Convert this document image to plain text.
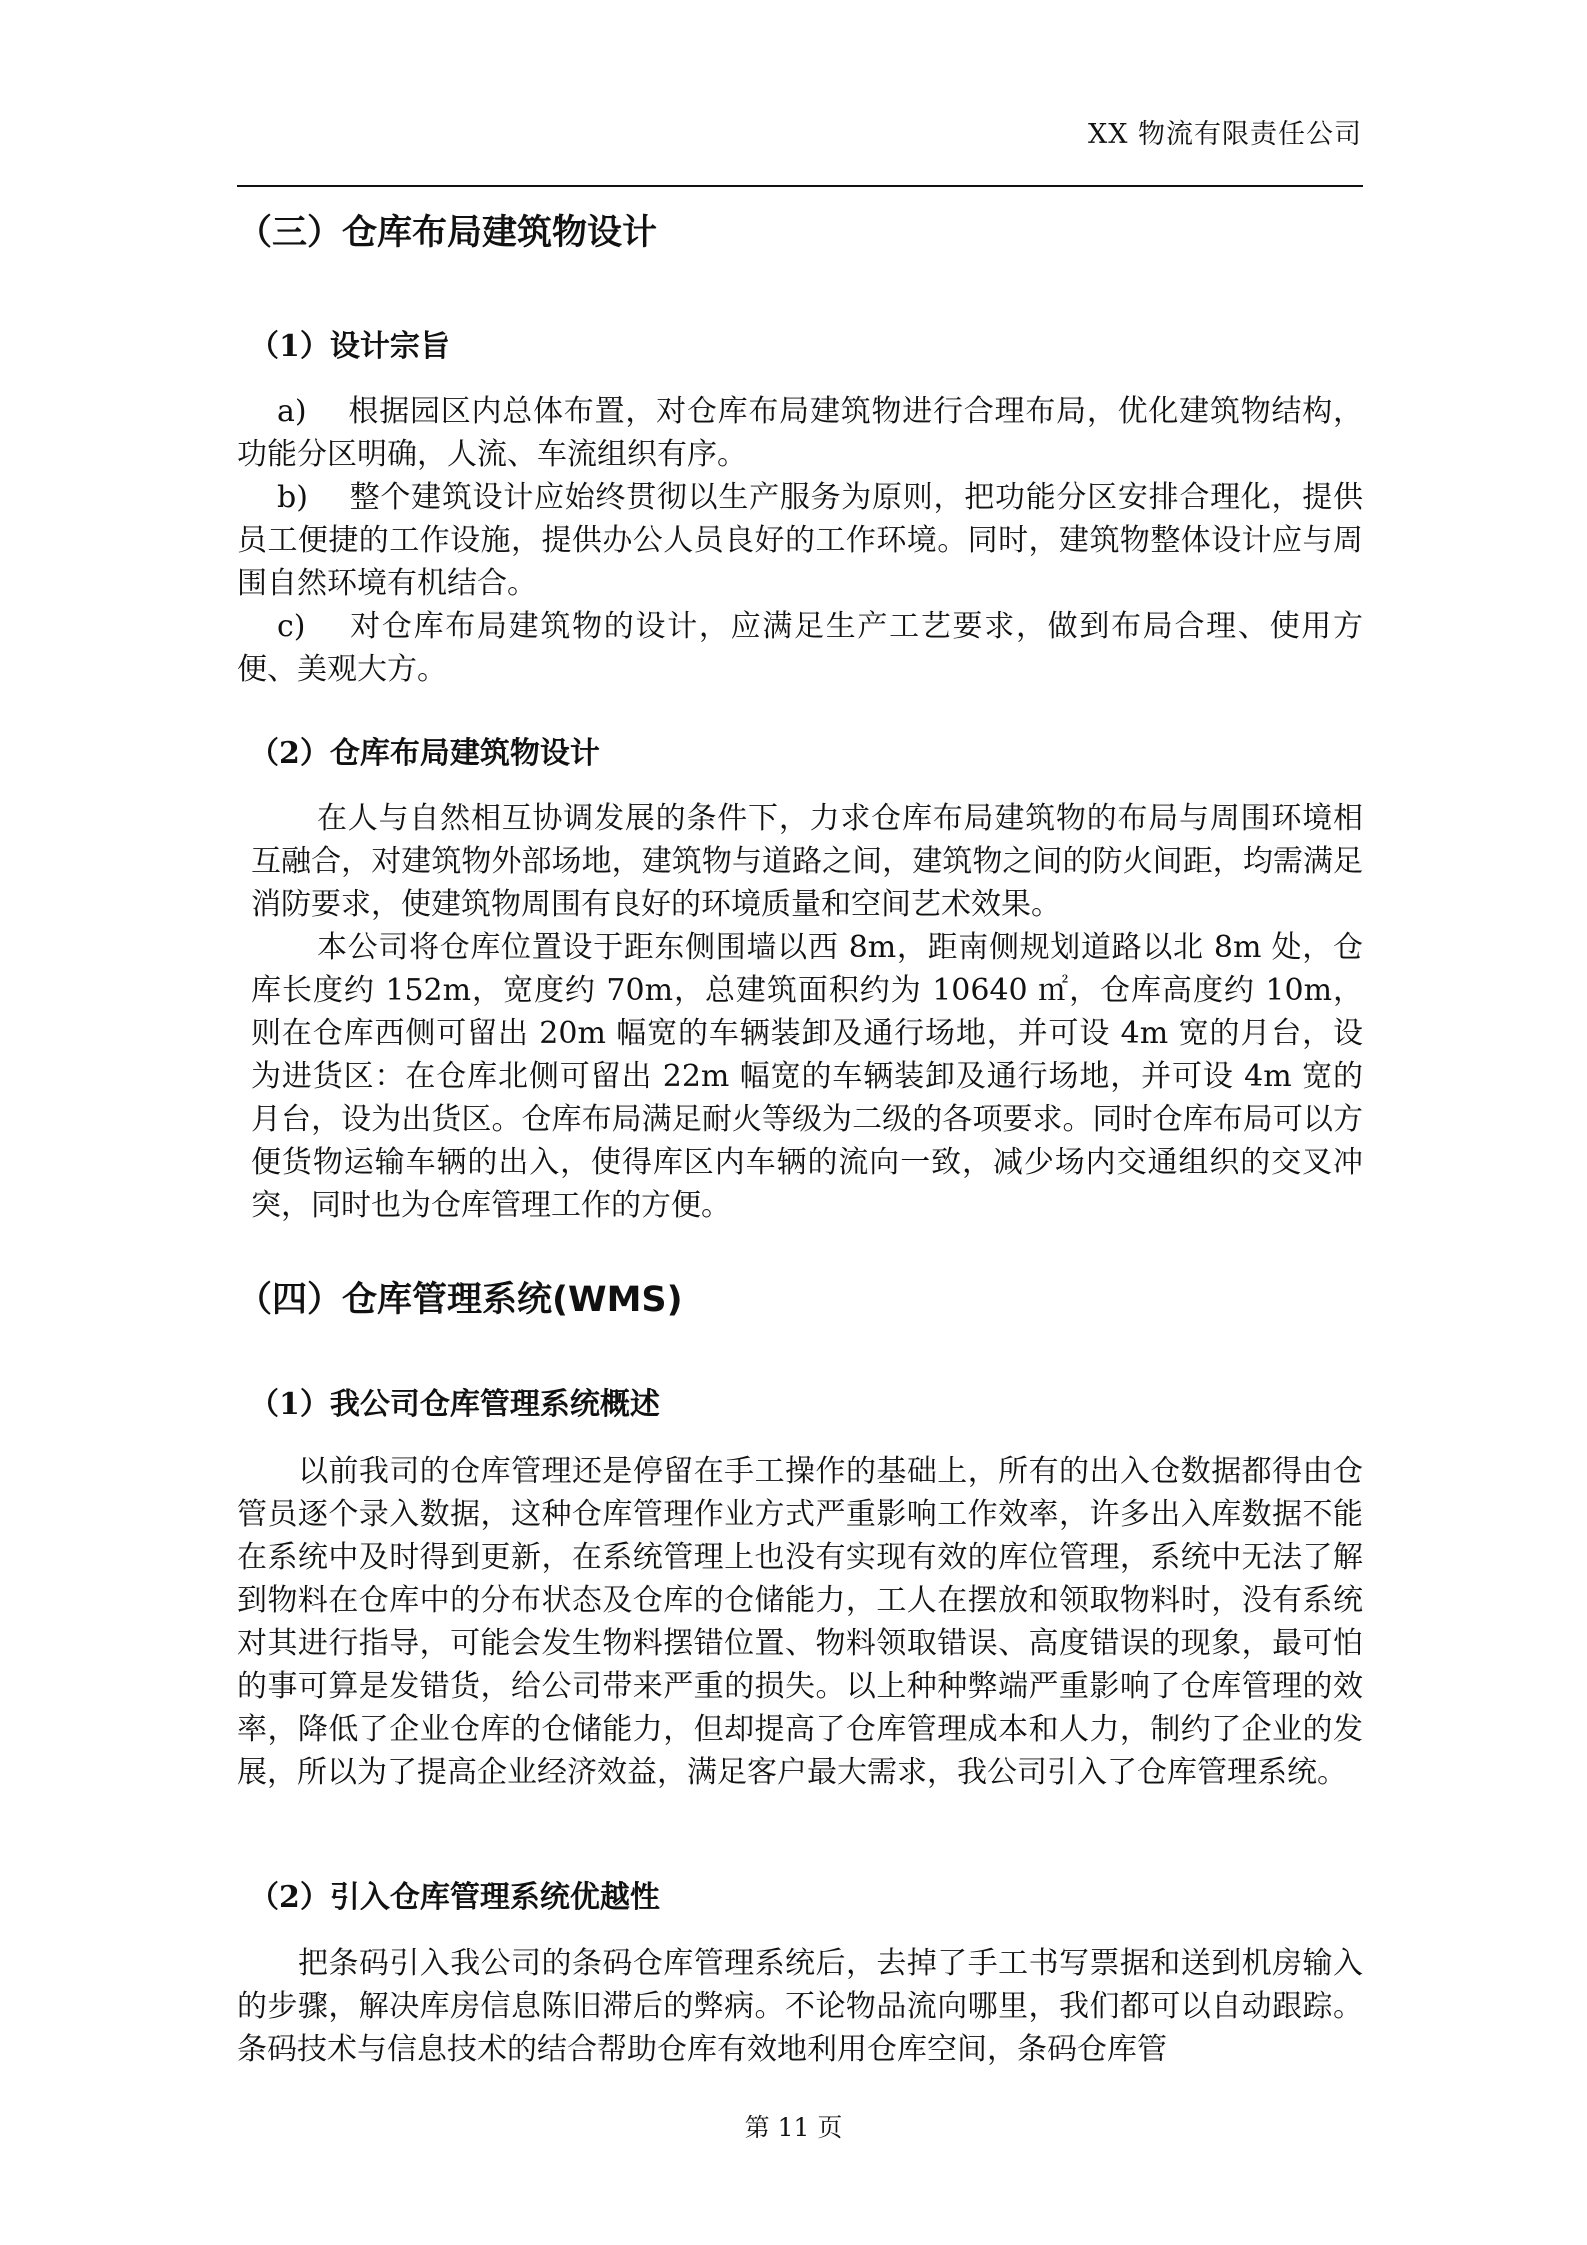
XX 物流有限责任公司
（三）仓库布局建筑物设计
（1）设计宗旨

a)　 根据园区内总体布置，对仓库布局建筑物进行合理布局，优化建筑物结构，功能分区明确，人流、车流组织有序。

b)　 整个建筑设计应始终贯彻以生产服务为原则，把功能分区安排合理化，提供员工便捷的工作设施，提供办公人员良好的工作环境。同时，建筑物整体设计应与周围自然环境有机结合。

c)　 对仓库布局建筑物的设计，应满足生产工艺要求，做到布局合理、使用方便、美观大方。

（2）仓库布局建筑物设计

在人与自然相互协调发展的条件下，力求仓库布局建筑物的布局与周围环境相互融合，对建筑物外部场地，建筑物与道路之间，建筑物之间的防火间距，均需满足消防要求，使建筑物周围有良好的环境质量和空间艺术效果。

本公司将仓库位置设于距东侧围墙以西 8m，距南侧规划道路以北 8m 处，仓库长度约 152m，宽度约 70m，总建筑面积约为 10640 ㎡，仓库高度约 10m，则在仓库西侧可留出 20m 幅宽的车辆装卸及通行场地，并可设 4m 宽的月台，设为进货区：在仓库北侧可留出 22m 幅宽的车辆装卸及通行场地，并可设 4m 宽的月台，设为出货区。仓库布局满足耐火等级为二级的各项要求。同时仓库布局可以方便货物运输车辆的出入，使得库区内车辆的流向一致，减少场内交通组织的交叉冲突，同时也为仓库管理工作的方便。

（四）仓库管理系统(WMS)
（1）我公司仓库管理系统概述

以前我司的仓库管理还是停留在手工操作的基础上，所有的出入仓数据都得由仓管员逐个录入数据，这种仓库管理作业方式严重影响工作效率，许多出入库数据不能在系统中及时得到更新，在系统管理上也没有实现有效的库位管理，系统中无法了解到物料在仓库中的分布状态及仓库的仓储能力，工人在摆放和领取物料时，没有系统对其进行指导，可能会发生物料摆错位置、物料领取错误、高度错误的现象，最可怕的事可算是发错货，给公司带来严重的损失。以上种种弊端严重影响了仓库管理的效率，降低了企业仓库的仓储能力，但却提高了仓库管理成本和人力，制约了企业的发展，所以为了提高企业经济效益，满足客户最大需求，我公司引入了仓库管理系统。

（2）引入仓库管理系统优越性

把条码引入我公司的条码仓库管理系统后，去掉了手工书写票据和送到机房输入的步骤，解决库房信息陈旧滞后的弊病。不论物品流向哪里，我们都可以自动跟踪。条码技术与信息技术的结合帮助仓库有效地利用仓库空间，条码仓库管

第 11 页
